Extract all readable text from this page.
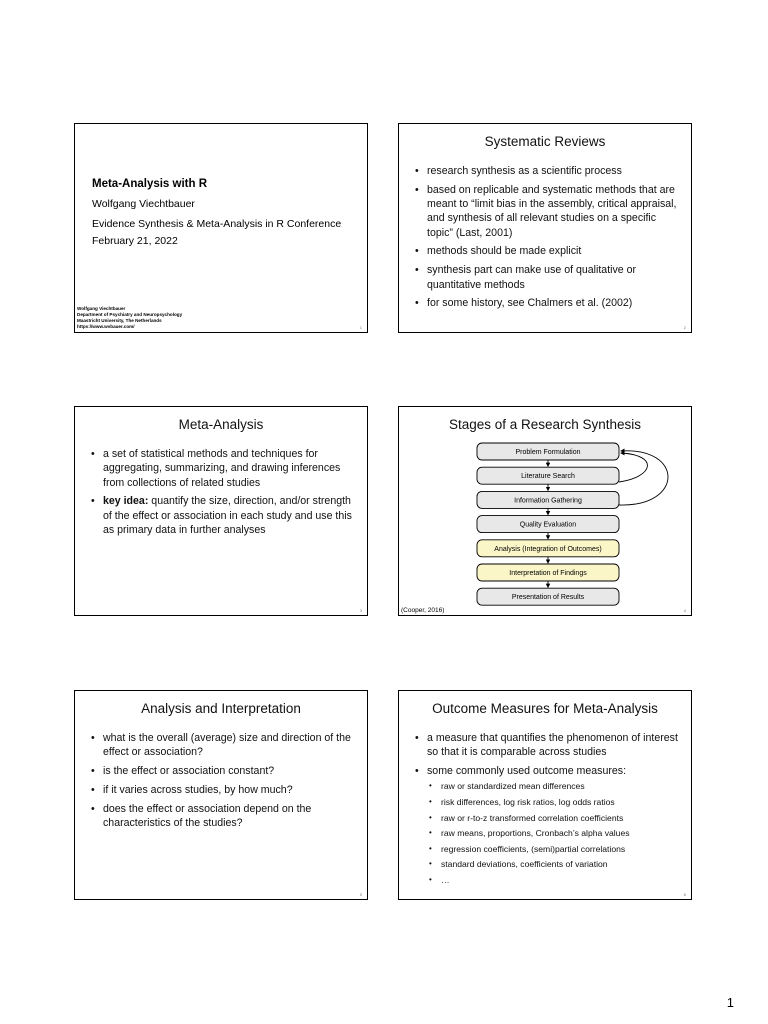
Meta-Analysis with R
Wolfgang Viechtbauer
Evidence Synthesis & Meta-Analysis in R Conference
February 21, 2022
Wolfgang Viechtbauer
Department of Psychiatry and Neuropsychology
Maastricht University, The Netherlands
https://www.wvbauer.com/	1
Systematic Reviews
• research synthesis as a scientific process
• based on replicable and systematic methods that are meant to “limit bias in the assembly, critical appraisal, and synthesis of all relevant studies on a specific topic” (Last, 2001)
• methods should be made explicit
• synthesis part can make use of qualitative or quantitative methods
• for some history, see Chalmers et al. (2002)
2
Meta-Analysis
• a set of statistical methods and techniques for aggregating, summarizing, and drawing inferences from collections of related studies
• key idea: quantify the size, direction, and/or strength of the effect or association in each study and use this as primary data in further analyses
3
Stages of a Research Synthesis
Problem Formulation
Literature Search
Information Gathering
Quality Evaluation
Analysis (Integration of Outcomes)
Interpretation of Findings
Presentation of Results
(Cooper, 2016)	4
Analysis and Interpretation
• what is the overall (average) size and direction of the effect or association?
• is the effect or association constant?
• if it varies across studies, by how much?
• does the effect or association depend on the characteristics of the studies?
5
Outcome Measures for Meta-Analysis
• a measure that quantifies the phenomenon of interest so that it is comparable across studies
• some commonly used outcome measures:
• raw or standardized mean differences
• risk differences, log risk ratios, log odds ratios
• raw or r-to-z transformed correlation coefficients
• raw means, proportions, Cronbach’s alpha values
• regression coefficients, (semi)partial correlations
• standard deviations, coefficients of variation
• …
6
1
